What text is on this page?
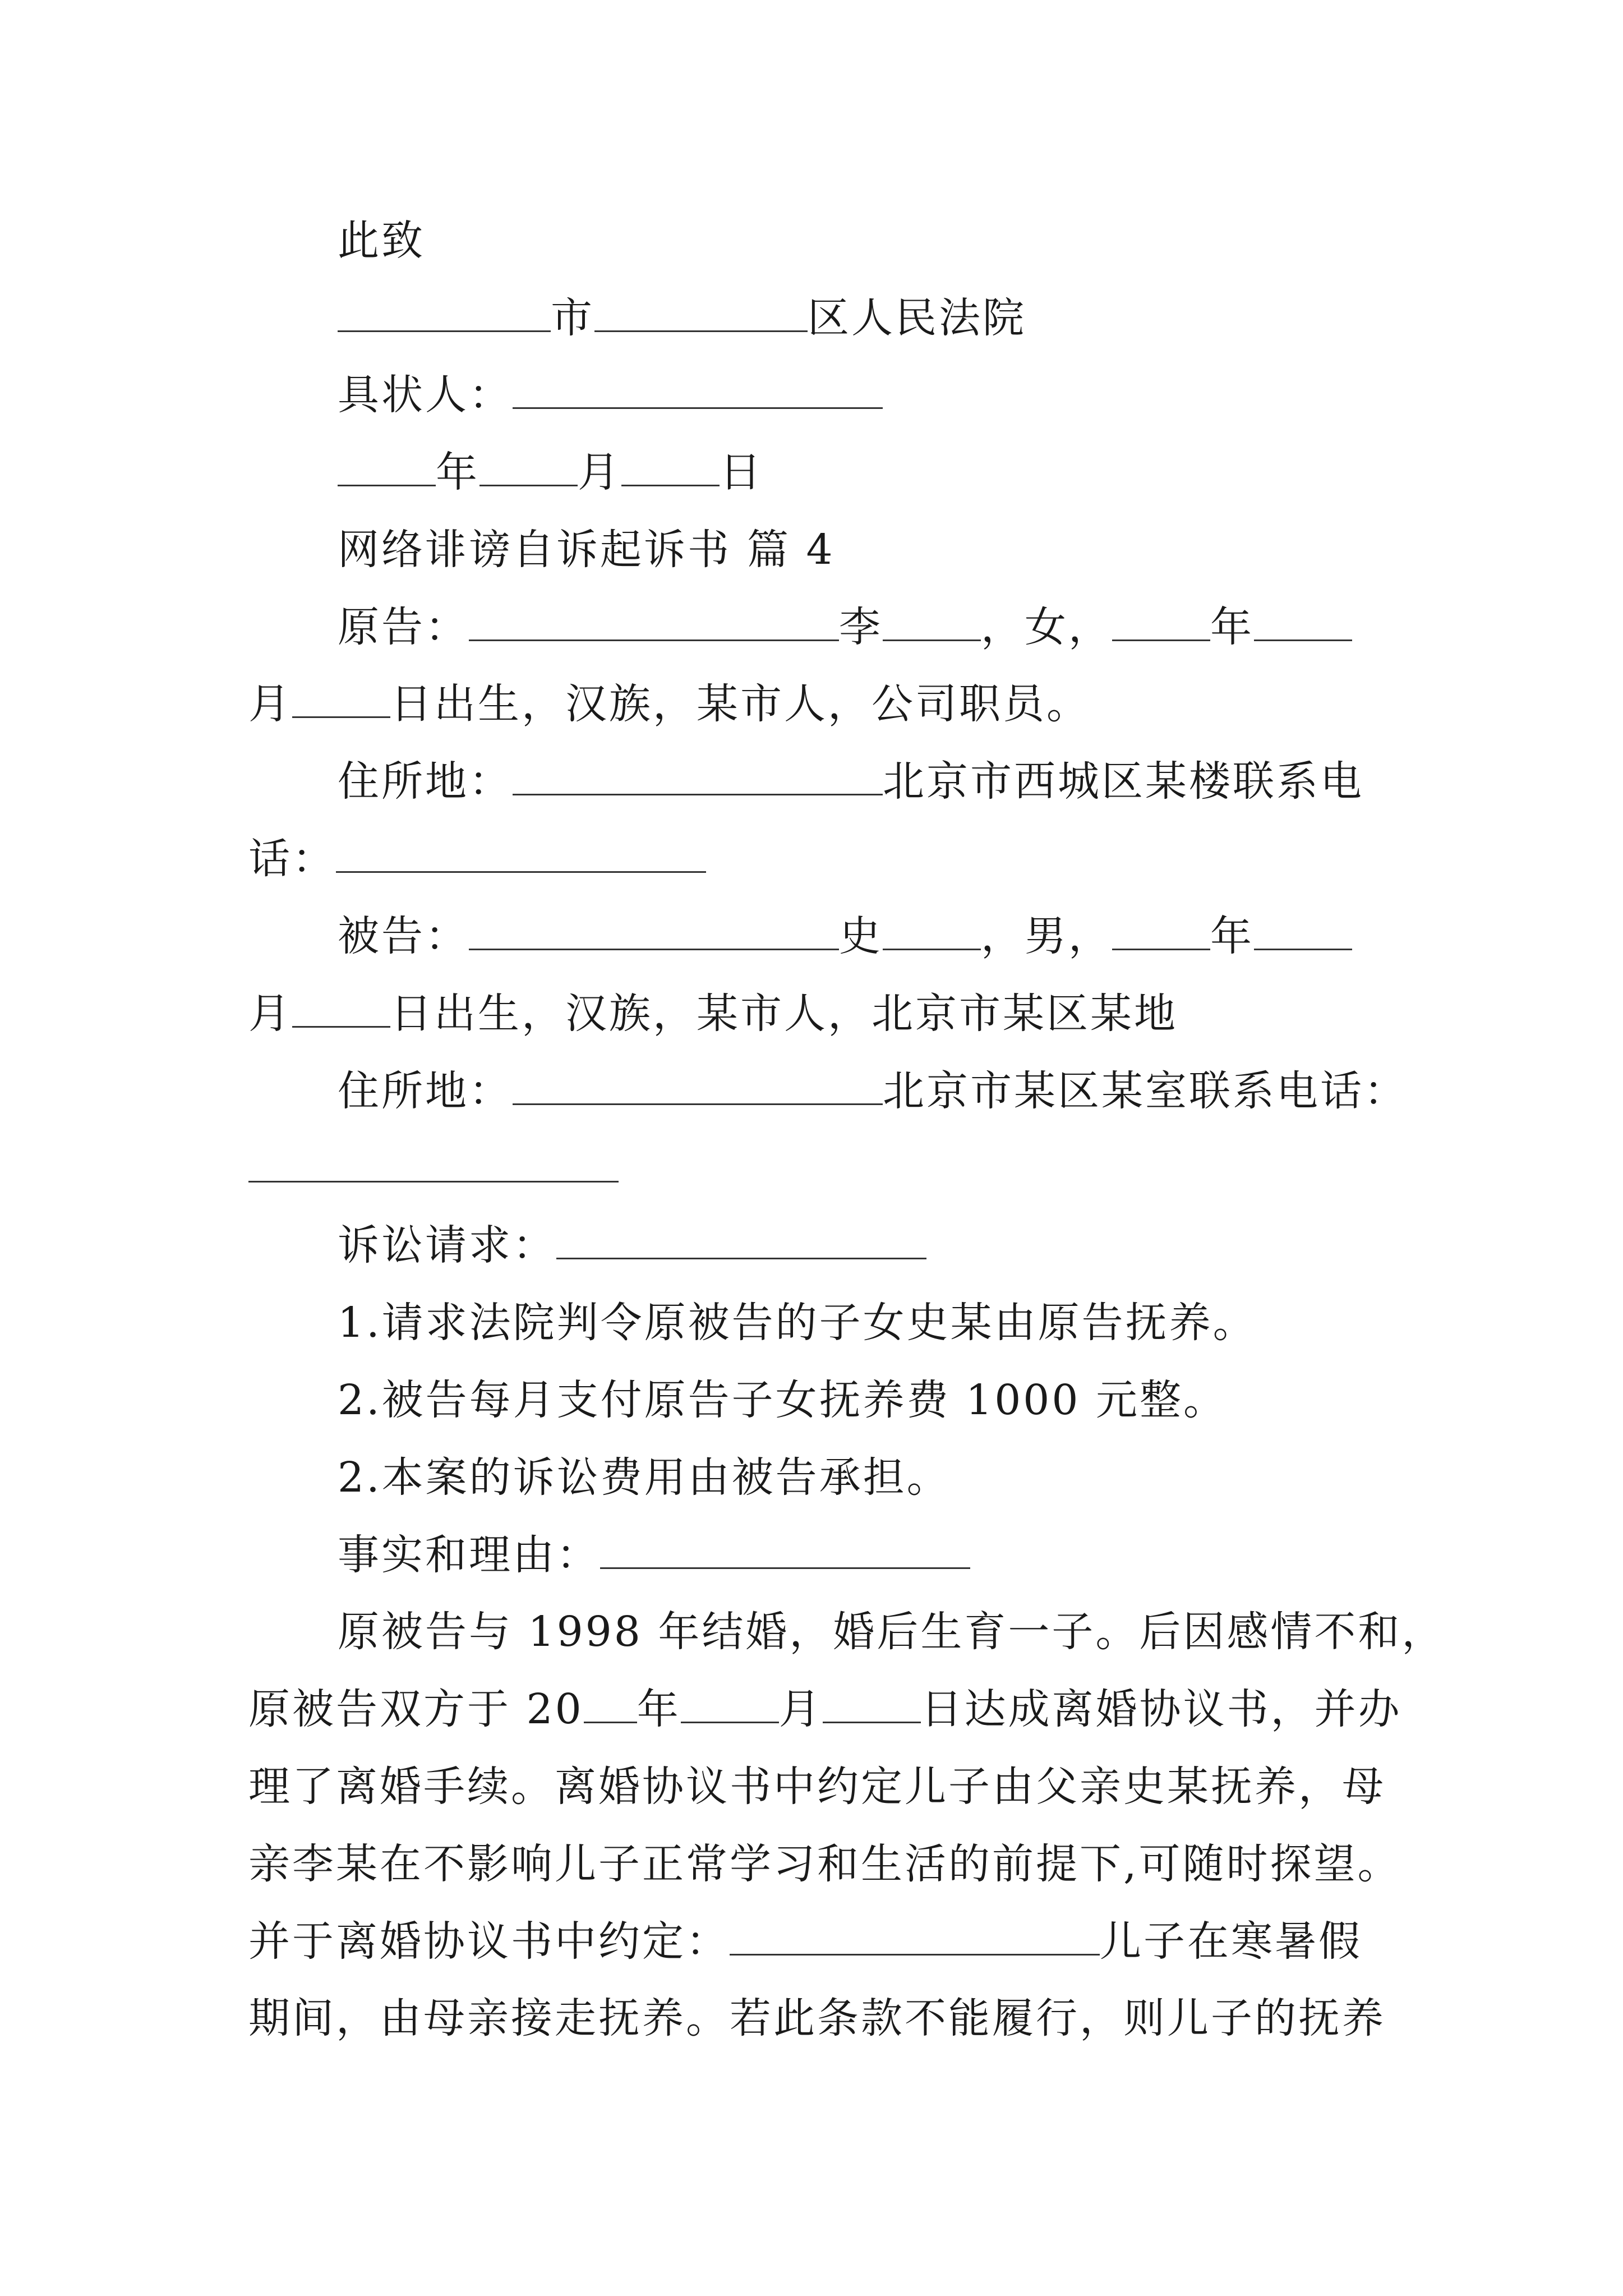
此致
市	区人民法院
具状人：
年 月 日
网络诽谤自诉起诉书 篇 4
原告：	李 ，女， 年
月 日出生，汉族，某市人，公司职员。
住所地：	北京市西城区某楼联系电
话：
被告：	史 ，男， 年
月 日出生，汉族，某市人，北京市某区某地
住所地：	北京市某区某室联系电话：
诉讼请求：
1.请求法院判令原被告的子女史某由原告抚养。
2.被告每月支付原告子女抚养费 1000 元整。
2.本案的诉讼费用由被告承担。
事实和理由：
原被告与 1998 年结婚，婚后生育一子。后因感情不和，
原被告双方于 20 年 月 日达成离婚协议书，并办
理了离婚手续。离婚协议书中约定儿子由父亲史某抚养，母
亲李某在不影响儿子正常学习和生活的前提下,可随时探望。
并于离婚协议书中约定：	儿子在寒暑假
期间，由母亲接走抚养。若此条款不能履行，则儿子的抚养
